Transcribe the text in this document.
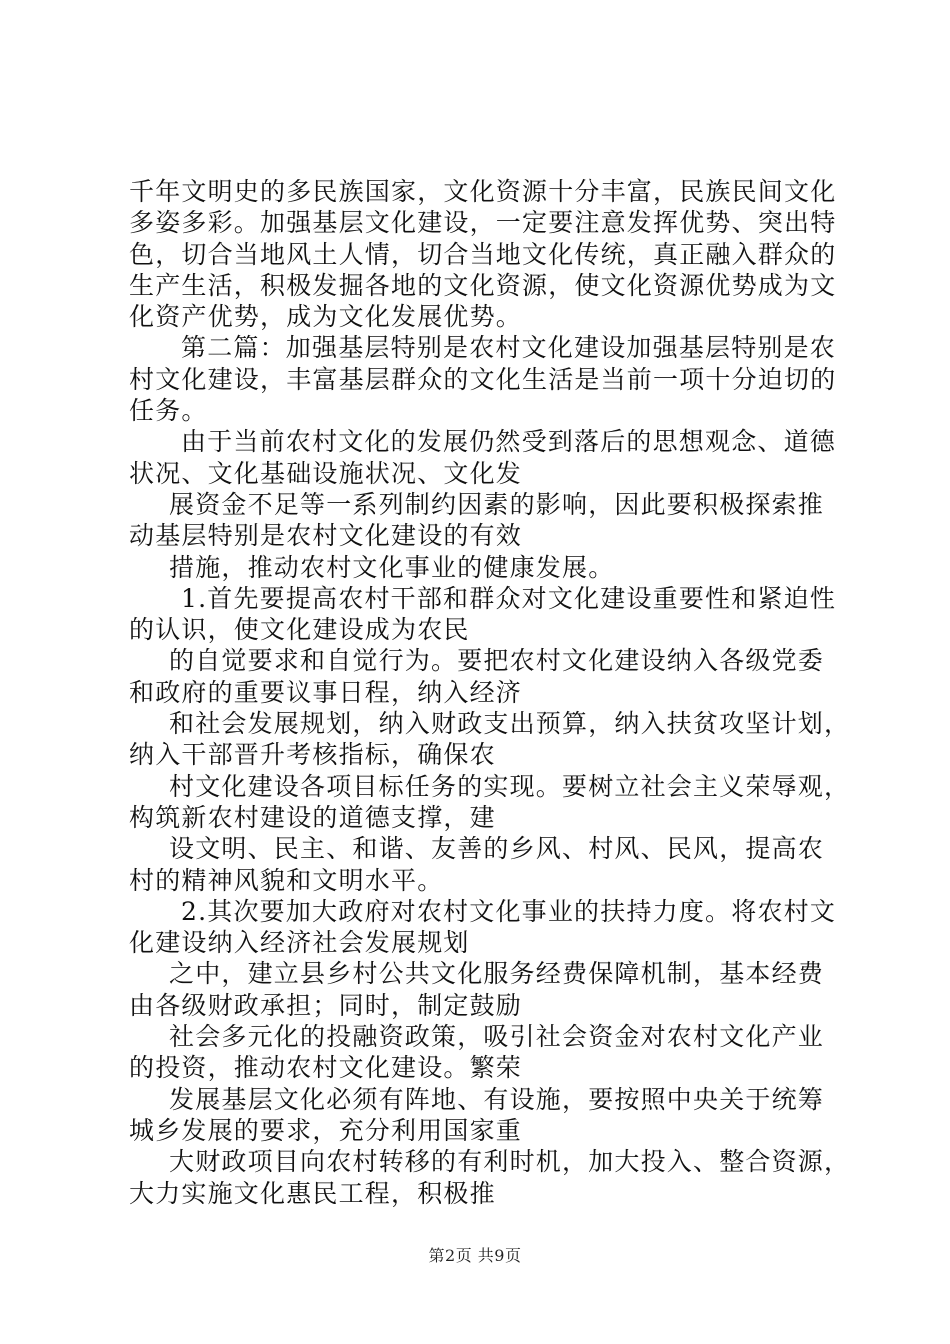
千年文明史的多民族国家，文化资源十分丰富，民族民间文化

多姿多彩。加强基层文化建设，一定要注意发挥优势、突出特

色，切合当地风土人情，切合当地文化传统，真正融入群众的

生产生活，积极发掘各地的文化资源，使文化资源优势成为文

化资产优势，成为文化发展优势。

第二篇：加强基层特别是农村文化建设加强基层特别是农

村文化建设，丰富基层群众的文化生活是当前一项十分迫切的

任务。

由于当前农村文化的发展仍然受到落后的思想观念、道德

状况、文化基础设施状况、文化发

展资金不足等一系列制约因素的影响，因此要积极探索推

动基层特别是农村文化建设的有效

措施，推动农村文化事业的健康发展。

1.首先要提高农村干部和群众对文化建设重要性和紧迫性

的认识，使文化建设成为农民

的自觉要求和自觉行为。要把农村文化建设纳入各级党委

和政府的重要议事日程，纳入经济

和社会发展规划，纳入财政支出预算，纳入扶贫攻坚计划，

纳入干部晋升考核指标，确保农

村文化建设各项目标任务的实现。要树立社会主义荣辱观，

构筑新农村建设的道德支撑，建

设文明、民主、和谐、友善的乡风、村风、民风，提高农

村的精神风貌和文明水平。

2.其次要加大政府对农村文化事业的扶持力度。将农村文

化建设纳入经济社会发展规划

之中，建立县乡村公共文化服务经费保障机制，基本经费

由各级财政承担；同时，制定鼓励

社会多元化的投融资政策，吸引社会资金对农村文化产业

的投资，推动农村文化建设。繁荣

发展基层文化必须有阵地、有设施，要按照中央关于统筹

城乡发展的要求，充分利用国家重

大财政项目向农村转移的有利时机，加大投入、整合资源，

大力实施文化惠民工程，积极推

第2页 共9页
